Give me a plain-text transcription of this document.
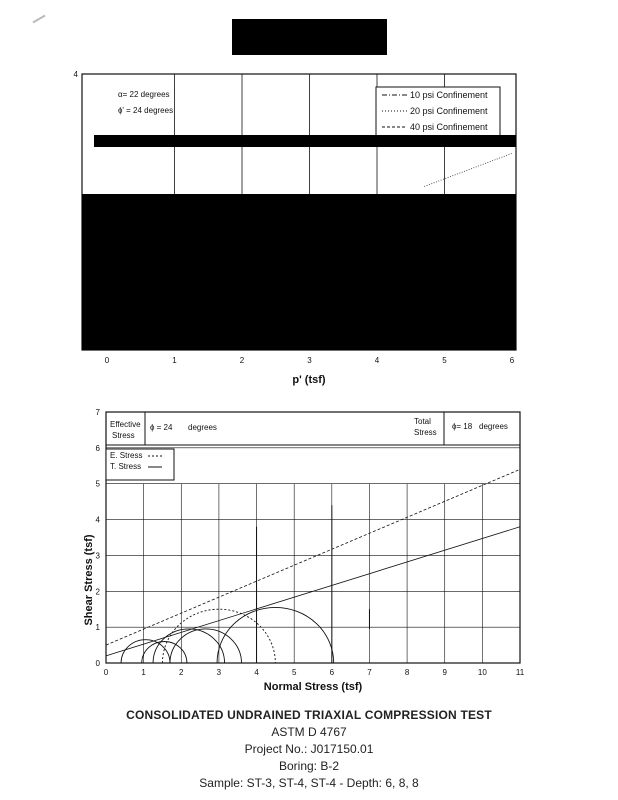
0	1	2	3	4	5	6
4
α= 22 degrees
ɸ' = 24 degrees
10 psi Confinement
20 psi Confinement
40 psi Confinement
p' (tsf)
0	1	2	3	4	5	6	7	8	9	10	11
0
1
2
3
4
5
6
7
Effective Stress
ɸ = 24 degrees
Total Stress
ɸ= 18 degrees
E. Stress
T. Stress
Shear Stress (tsf)
Normal Stress (tsf)
CONSOLIDATED UNDRAINED TRIAXIAL COMPRESSION TEST
ASTM D 4767
Project No.: J017150.01
Boring: B-2
Sample: ST-3, ST-4, ST-4 - Depth: 6, 8, 8
